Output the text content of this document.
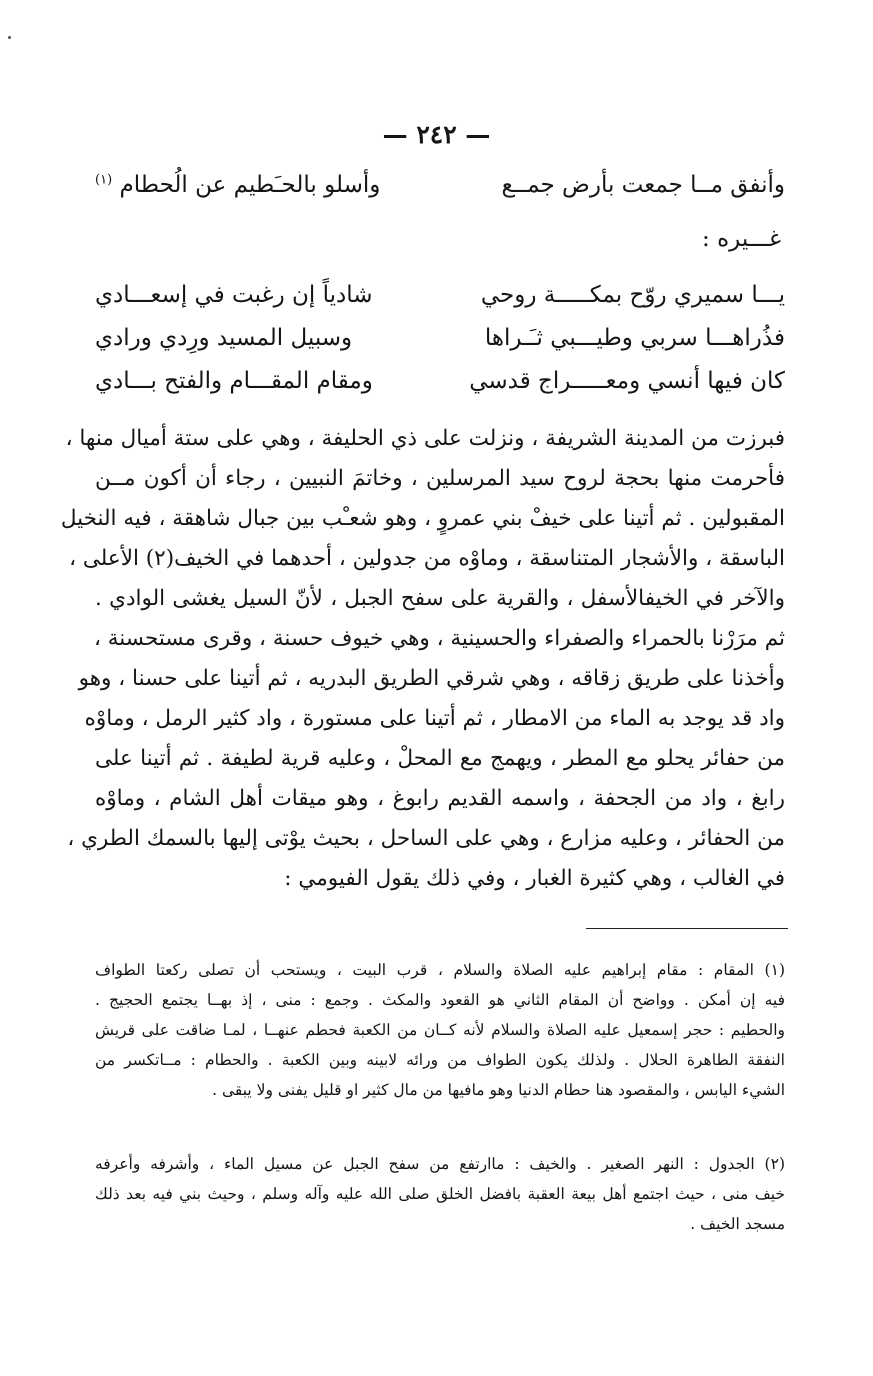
— ٢٤٢ —
وأنفق مــا جمعت بأرض جمــع
وأسلو بالحـَطيم عن الُحطام $^{(١)}$
غـــيره :
يـــا سميري روّح بمكـــــة روحي
شادياً إن رغبت في إسعـــادي
فذُراهـــا سربي وطيـــبي ثـَـراها
وسبيل المسيد ورِدي ورادي
كان فيها أنسي ومعـــــراج قدسي
ومقام المقـــام والفتح بـــادي
فبرزت من المدينة الشريفة ، ونزلت على ذي الحليفة ، وهي على ستة أميال منها ،
فأحرمت منها بحجة لروح سيد المرسلين ، وخاتمَ النبيين ، رجاء أن أكون مــن
المقبولين . ثم أتينا على خيفْ بني عمروٍ ، وهو شعـْب بين جبال شاهقة ، فيه النخيل
الباسقة ، والأشجار المتناسقة ، وماوْه من جدولين ، أحدهما في الخيف(٢) الأعلى ،
والآخر في الخيفالأسفل ، والقرية على سفح الجبل ، لأنّ السيل يغشى الوادي .
ثم مرَرْنا بالحمراء والصفراء والحسينية ، وهي خيوف حسنة ، وقرى مستحسنة ،
وأخذنا على طريق زقاقه ، وهي شرقي الطريق البدريه ، ثم أتينا على حسنا ، وهو
واد قد يوجد به الماء من الامطار ، ثم أتينا على مستورة ، واد كثير الرمل ، وماوْه
من حفائر يحلو مع المطر ، ويهمج مع المحلْ ، وعليه قرية لطيفة . ثم أتينا على
رابغ ، واد من الجحفة ، واسمه القديم رابوغ ، وهو ميقات أهل الشام ، وماوْه
من الحفائر ، وعليه مزارع ، وهي على الساحل ، بحيث يوْتى إليها بالسمك الطري ،
في الغالب ، وهي كثيرة الغبار ، وفي ذلك يقول الفيومي :
(١) المقام : مقام إبراهيم عليه الصلاة والسلام ، قرب البيت ، ويستحب أن تصلى ركعتا الطواف
فيه إن أمكن . وواضح أن المقام الثاني هو القعود والمكث . وجمع : منى ، إذ بهــا يجتمع الحجيج .
والحطيم : حجر إسمعيل عليه الصلاة والسلام لأنه كــان من الكعبة فحطم عنهــا ، لمـا ضاقت على قريش
النفقة الطاهرة الحلال . ولذلك يكون الطواف من ورائه لابينه وبين الكعبة . والحطام : مــاتكسر من
الشيء اليابس ، والمقصود هنا حطام الدنيا وهو مافيها من مال كثير او قليل يفنى ولا يبقى .
(٢) الجدول : النهر الصغير . والخيف : ماارتفع من سفح الجبل عن مسيل الماء ، وأشرفه وأعرفه
خيف منى ، حيث اجتمع أهل بيعة العقبة بافضل الخلق صلى الله عليه وآله وسلم ، وحيث بني فيه بعد ذلك
مسجد الخيف .
